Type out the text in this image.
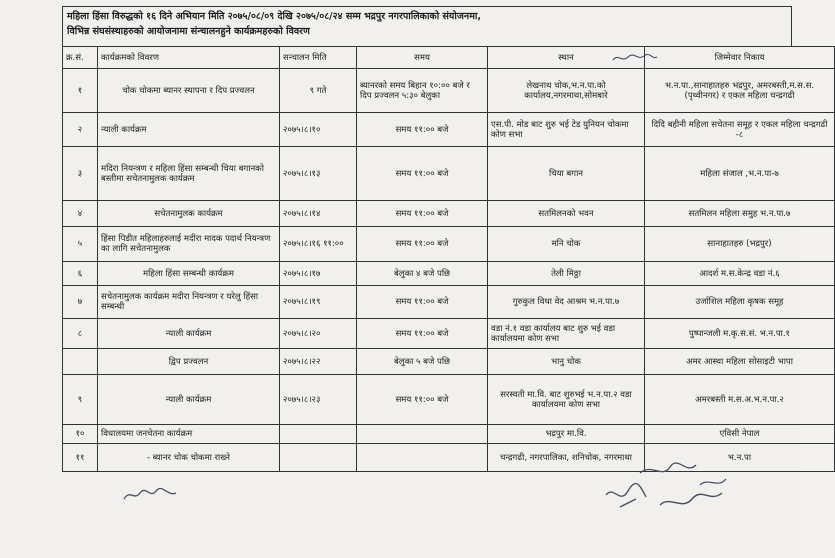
महिला हिंसा विरुद्धको १६ दिने अभियान मिति २०७५/०८/०९ देखि २०७५/०८/२४ सम्म भद्रपुर नगरपालिकाको संयोजनमा,
विभिन्न संघसंस्थाहरुको आयोजनामा संन्चालनहुने कार्यक्रमहरुको विवरण
क्र.सं.	कार्यक्रमको विवरण	सन्चालन मिति	समय	स्थान	जिम्मेवार निकाय
१	चोक चोकमा ब्यानर स्थापना र दिप प्रज्वलन	९ गते	ब्यानरको समय बिहान १०:०० बजे र दिप प्रज्वलन ५:३० बेलुका	लेखनाथ चोक,भ.न.पा.को कार्यालय,नगरमाथा,सोमबारे	भ.न.पा.,सानाहातहरु भद्रपुर, अमरबस्ती,म.स.स.(पृथ्वीनगर) र एकल महिला चन्द्रगढी
२	न्याली कार्यक्रम	२०७५।८।१०	समय ११:०० बजे	एस.पी. मोड बाट शुरु भई टेड युनियन चोकमा कोण सभा	दिदि बहीनी महिला सचेतना समूह र एकल महिला चन्द्रगढी -८
३	मदिरा नियन्त्रण र महिला हिंसा सम्बन्धी चिया बगानको बस्तीमा सचेतनामुलक कार्यक्रम	२०७५।८।१३	समय ११:०० बजे	चिया बगान	महिला संजाल ,भ.न.पा-७
४	सचेतनामुलक कार्यक्रम	२०७५।८।१४	समय ११:०० बजे	सतमिलनको भवन	सतमिलन महिला समुह भ.न.पा.७
५	हिंसा पिडीत महिलाहरुलाई मदीरा मादक पदार्थ नियन्त्रण का लागि सचेतनामुलक	२०७५।८।१६ ११:००	समय ११:०० बजे	मनि चोक	सानाहातहरु (भद्रपुर)
६	महिला हिंसा सम्बन्धी कार्यक्रम	२०७५।८।१७	बेलुका ४ बजे पछि	तेली मिठ्ठा	आदर्श म.स.केन्द्र वडा नं.६
७	सचेतनामुलक कार्यक्रम मदीरा नियन्त्रण र घरेलु हिंसा सम्बन्धी	२०७५।८।१९	समय ११:०० बजे	गुरुकुल विधा वेद आश्रम भ.न.पा.७	उर्जाशिल महिला कृषक समूह
८	न्याली कार्यक्रम	२०७५।८।२०	समय ११:०० बजे	वडा नं.१ वडा कार्यालय बाट शुरु भई वडा कार्यालयमा कोण सभा	पुष्पान्जली म.कृ.स.सं. भ.न.पा.१
	द्विप प्रज्वलन	२०७५।८।२२	बेलुका ५ बजे पछि	भानु चोक	अमर आस्था महिला सोसाइटी भापा
९	न्याली कार्यक्रम	२०७५।८।२३	समय ११:०० बजे	सरस्वती मा.वि. बाट शुरुभई भ.न.पा.२ वडा कार्यालयमा कोण सभा	अमरबस्ती म.स.अ.भ.न.पा.२
१०	विधालयमा जनचेतना कार्यक्रम			भद्रपुर मा.वि.	एविसी नेपाल
११	- ब्यानर चोक चोकमा राख्ने			चन्द्रगढी, नगरपालिका, शनिचोक, नगरमाथा	भ.न.पा
